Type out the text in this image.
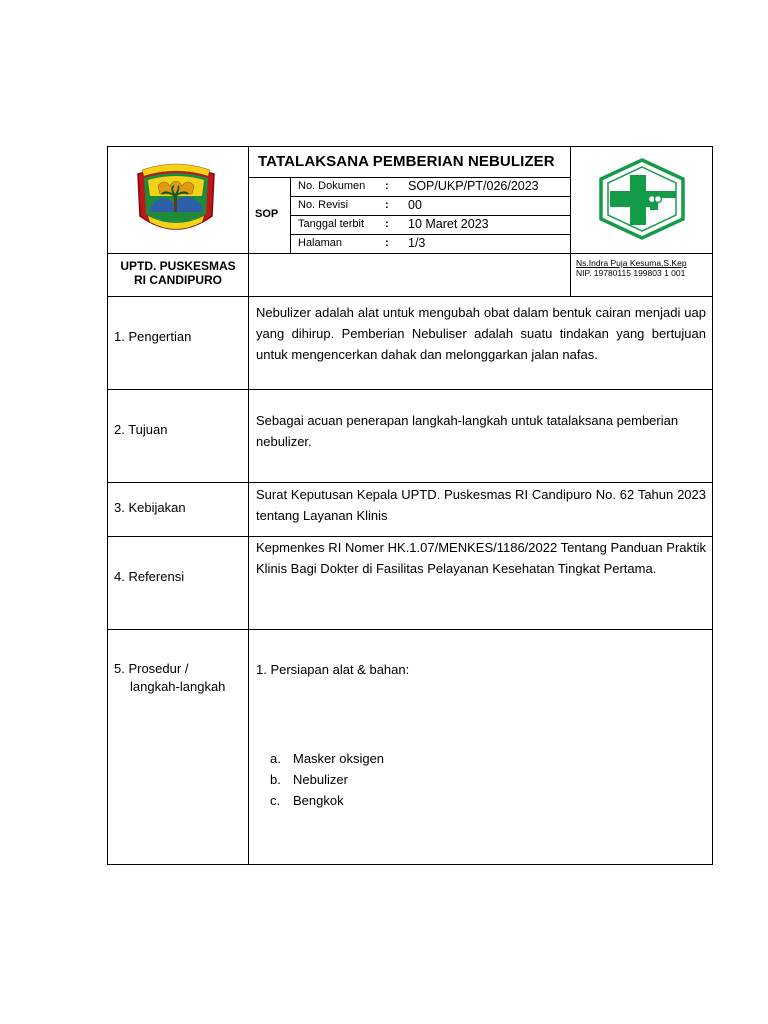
TATALAKSANA PEMBERIAN NEBULIZER
SOP
No. Dokumen : SOP/UKP/PT/026/2023
No. Revisi	: 00
Tanggal terbit : 10 Maret 2023
Halaman	: 1/3
UPTD. PUSKESMAS
RI CANDIPURO
Ns.Indra Puja Kesuma,S.Kep
NIP. 19780115 199803 1 001
1. Pengertian
Nebulizer adalah alat untuk mengubah obat dalam bentuk cairan menjadi uap yang dihirup. Pemberian Nebuliser adalah suatu tindakan yang bertujuan untuk mengencerkan dahak dan melonggarkan jalan nafas.
2. Tujuan
Sebagai acuan penerapan langkah-langkah untuk tatalaksana pemberian nebulizer.
3. Kebijakan
Surat Keputusan Kepala UPTD. Puskesmas RI Candipuro No. 62 Tahun 2023 tentang Layanan Klinis
4. Referensi
Kepmenkes RI Nomer HK.1.07/MENKES/1186/2022 Tentang Panduan Praktik Klinis Bagi Dokter di Fasilitas Pelayanan Kesehatan Tingkat Pertama.
5. Prosedur /
langkah-langkah
1. Persiapan alat & bahan:
a. Masker oksigen
b. Nebulizer
c. Bengkok
